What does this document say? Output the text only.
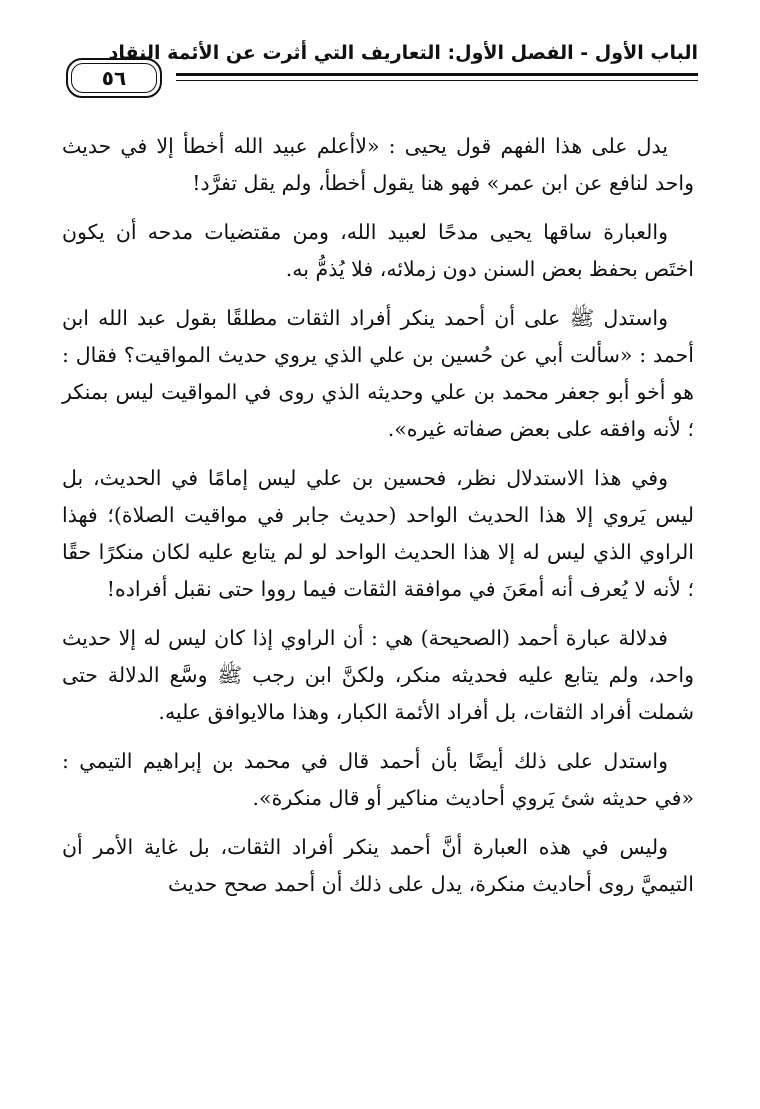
الباب الأول - الفصل الأول: التعاريف التي أثرت عن الأئمة النقاد
٥٦

يدل على هذا الفهم قول يحيى : «لاأعلم عبيد الله أخطأ إلا في حديث واحد لنافع عن ابن عمر» فهو هنا يقول أخطأ، ولم يقل تفرَّد!

والعبارة ساقها يحيى مدحًا لعبيد الله، ومن مقتضيات مدحه أن يكون اختَص بحفظ بعض السنن دون زملائه، فلا يُذمُّ به.

واستدل ﷺ على أن أحمد ينكر أفراد الثقات مطلقًا بقول عبد الله ابن أحمد : «سألت أبي عن حُسين بن علي الذي يروي حديث المواقيت؟ فقال : هو أخو أبو جعفر محمد بن علي وحديثه الذي روى في المواقيت ليس بمنكر ؛ لأنه وافقه على بعض صفاته غيره».

وفي هذا الاستدلال نظر، فحسين بن علي ليس إمامًا في الحديث، بل ليس يَروي إلا هذا الحديث الواحد (حديث جابر في مواقيت الصلاة)؛ فهذا الراوي الذي ليس له إلا هذا الحديث الواحد لو لم يتابع عليه لكان منكرًا حقًا ؛ لأنه لا يُعرف أنه أمعَنَ في موافقة الثقات فيما رووا حتى نقبل أفراده!

فدلالة عبارة أحمد (الصحيحة) هي : أن الراوي إذا كان ليس له إلا حديث واحد، ولم يتابع عليه فحديثه منكر، ولكنَّ ابن رجب ﷺ وسَّع الدلالة حتى شملت أفراد الثقات، بل أفراد الأئمة الكبار، وهذا مالايوافق عليه.

واستدل على ذلك أيضًا بأن أحمد قال في محمد بن إبراهيم التيمي : «في حديثه شئ يَروي أحاديث مناكير أو قال منكرة».

وليس في هذه العبارة أنَّ أحمد ينكر أفراد الثقات، بل غاية الأمر أن التيميَّ روى أحاديث منكرة، يدل على ذلك أن أحمد صحح حديث
